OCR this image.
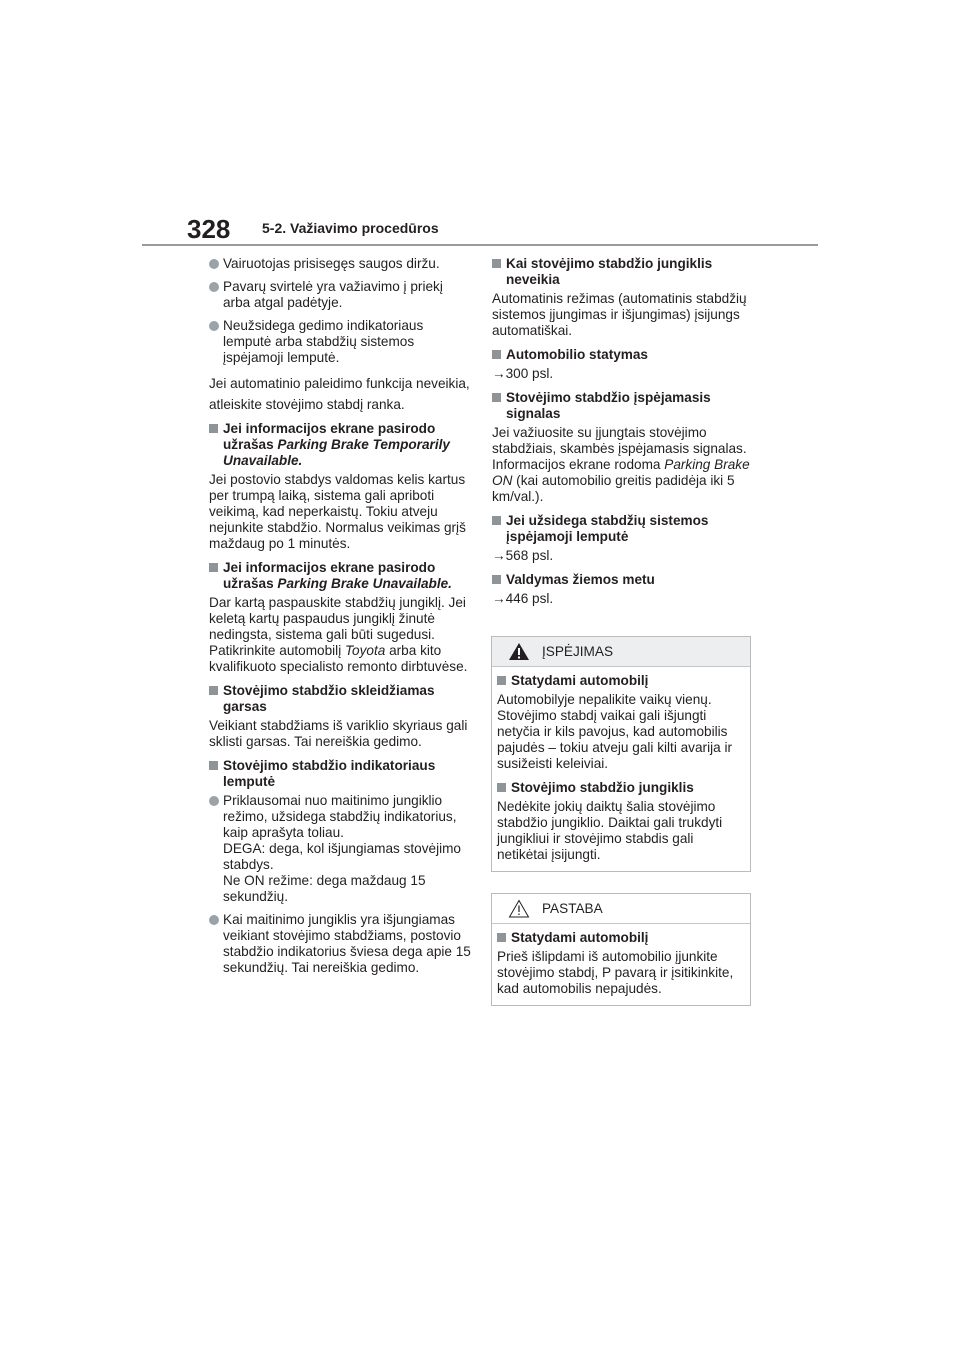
328 5-2. Važiavimo procedūros
Vairuotojas prisisegęs saugos diržu.
Pavarų svirtelė yra važiavimo į priekį arba atgal padėtyje.
Neužsidega gedimo indikatoriaus lemputė arba stabdžių sistemos įspėjamoji lemputė.
Jei automatinio paleidimo funkcija neveikia, atleiskite stovėjimo stabdį ranka.
Jei informacijos ekrane pasirodo užrašas Parking Brake Temporarily Unavailable.
Jei postovio stabdys valdomas kelis kartus per trumpą laiką, sistema gali apriboti veikimą, kad neperkaistų. Tokiu atveju nejunkite stabdžio. Normalus veikimas grįš maždaug po 1 minutės.
Jei informacijos ekrane pasirodo užrašas Parking Brake Unavailable.
Dar kartą paspauskite stabdžių jungiklį. Jei keletą kartų paspaudus jungiklį žinutė nedingsta, sistema gali būti sugedusi. Patikrinkite automobilį Toyota arba kito kvalifikuoto specialisto remonto dirbtuvėse.
Stovėjimo stabdžio skleidžiamas garsas
Veikiant stabdžiams iš variklio skyriaus gali sklisti garsas. Tai nereiškia gedimo.
Stovėjimo stabdžio indikatoriaus lemputė
Priklausomai nuo maitinimo jungiklio režimo, užsidega stabdžių indikatorius, kaip aprašyta toliau.
DEGA: dega, kol išjungiamas stovėjimo stabdys.
Ne ON režime: dega maždaug 15 sekundžių.
Kai maitinimo jungiklis yra išjungiamas veikiant stovėjimo stabdžiams, postovio stabdžio indikatorius šviesa dega apie 15 sekundžių. Tai nereiškia gedimo.
Kai stovėjimo stabdžio jungiklis neveikia
Automatinis režimas (automatinis stabdžių sistemos įjungimas ir išjungimas) įsijungs automatiškai.
Automobilio statymas
→300 psl.
Stovėjimo stabdžio įspėjamasis signalas
Jei važiuosite su įjungtais stovėjimo stabdžiais, skambės įspėjamasis signalas. Informacijos ekrane rodoma Parking Brake ON (kai automobilio greitis padidėja iki 5 km/val.).
Jei užsidega stabdžių sistemos įspėjamoji lemputė
→568 psl.
Valdymas žiemos metu
→446 psl.
ĮSPĖJIMAS
Statydami automobilį
Automobilyje nepalikite vaikų vienų. Stovėjimo stabdį vaikai gali išjungti netyčia ir kils pavojus, kad automobilis pajudės – tokiu atveju gali kilti avarija ir susižeisti keleiviai.
Stovėjimo stabdžio jungiklis
Nedėkite jokių daiktų šalia stovėjimo stabdžio jungiklio. Daiktai gali trukdyti jungikliui ir stovėjimo stabdis gali netikėtai įsijungti.
PASTABA
Statydami automobilį
Prieš išlipdami iš automobilio įjunkite stovėjimo stabdį, P pavarą ir įsitikinkite, kad automobilis nepajudės.
